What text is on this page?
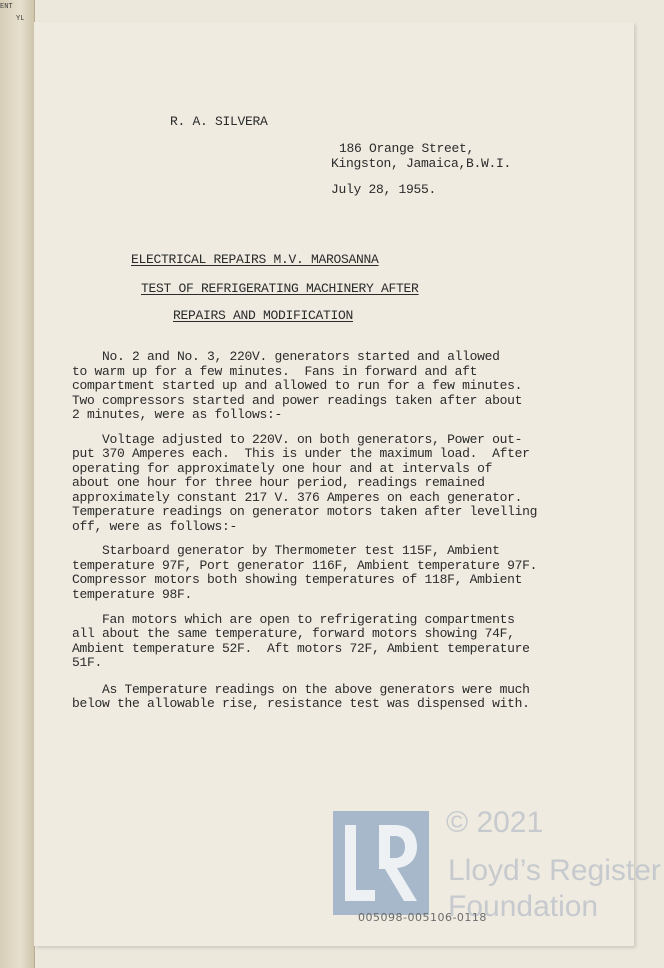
ENT
YL
R. A. SILVERA
186 Orange Street,
Kingston, Jamaica,B.W.I.
July 28, 1955.
ELECTRICAL REPAIRS M.V. MAROSANNA
TEST OF REFRIGERATING MACHINERY AFTER
REPAIRS AND MODIFICATION
No. 2 and No. 3, 220V. generators started and allowed
to warm up for a few minutes.  Fans in forward and aft
compartment started up and allowed to run for a few minutes.
Two compressors started and power readings taken after about
2 minutes, were as follows:-
Voltage adjusted to 220V. on both generators, Power out-
put 370 Amperes each.  This is under the maximum load.  After
operating for approximately one hour and at intervals of
about one hour for three hour period, readings remained
approximately constant 217 V. 376 Amperes on each generator.
Temperature readings on generator motors taken after levelling
off, were as follows:-
Starboard generator by Thermometer test 115F, Ambient
temperature 97F, Port generator 116F, Ambient temperature 97F.
Compressor motors both showing temperatures of 118F, Ambient
temperature 98F.
Fan motors which are open to refrigerating compartments
all about the same temperature, forward motors showing 74F,
Ambient temperature 52F.  Aft motors 72F, Ambient temperature
51F.
As Temperature readings on the above generators were much
below the allowable rise, resistance test was dispensed with.
© 2021
Lloyd’s Register
Foundation
005098-005106-0118
